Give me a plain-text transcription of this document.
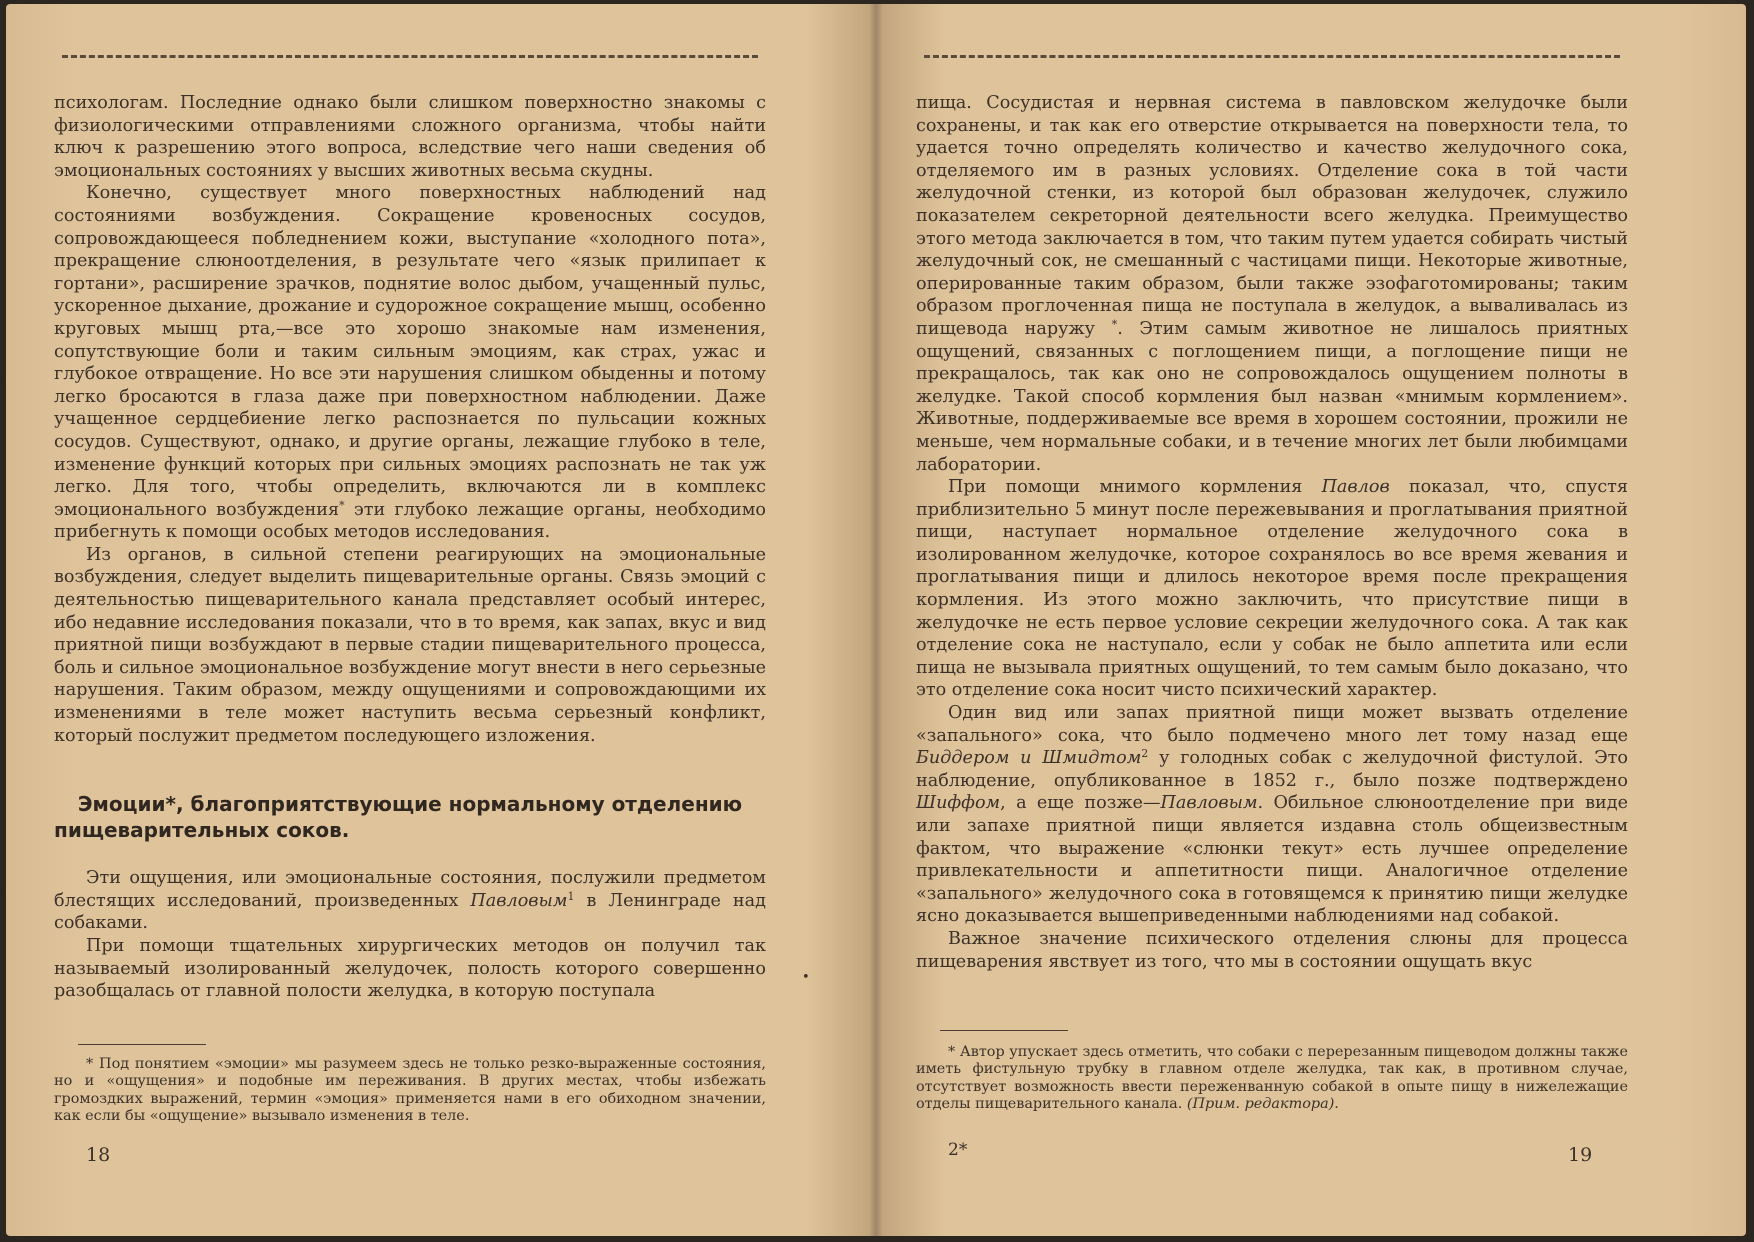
психологам. Последние однако были слишком поверхностно знакомы с физиологическими отправлениями сложного организма, чтобы найти ключ к разрешению этого вопроса, вследствие чего наши сведения об эмоциональных состояниях у высших животных весьма скудны.

Конечно, существует много поверхностных наблюдений над состояниями возбуждения. Сокращение кровеносных сосудов, сопровождающееся побледнением кожи, выступание «холодного пота», прекращение слюноотделения, в результате чего «язык прилипает к гортани», расширение зрачков, поднятие волос дыбом, учащенный пульс, ускоренное дыхание, дрожание и судорожное сокращение мышц, особенно круговых мышц рта,—все это хорошо знакомые нам изменения, сопутствующие боли и таким сильным эмоциям, как страх, ужас и глубокое отвращение. Но все эти нарушения слишком обыденны и потому легко бросаются в глаза даже при поверхностном наблюдении. Даже учащенное сердцебиение легко распознается по пульсации кожных сосудов. Существуют, однако, и другие органы, лежащие глубоко в теле, изменение функций которых при сильных эмоциях распознать не так уж легко. Для того, чтобы определить, включаются ли в комплекс эмоционального возбуждения* эти глубоко лежащие органы, необходимо прибегнуть к помощи особых методов исследования.

Из органов, в сильной степени реагирующих на эмоциональные возбуждения, следует выделить пищеварительные органы. Связь эмоций с деятельностью пищеварительного канала представляет особый интерес, ибо недавние исследования показали, что в то время, как запах, вкус и вид приятной пищи возбуждают в первые стадии пищеварительного процесса, боль и сильное эмоциональное возбуждение могут внести в него серьезные нарушения. Таким образом, между ощущениями и сопровождающими их изменениями в теле может наступить весьма серьезный конфликт, который послужит предметом последующего изложения.

Эмоции*, благоприятствующие нормальному отделению пищеварительных соков.

Эти ощущения, или эмоциональные состояния, послужили предметом блестящих исследований, произведенных Павловым$^1$ в Ленинграде над собаками.

При помощи тщательных хирургических методов он получил так называемый изолированный желудочек, полость которого совершенно разобщалась от главной полости желудка, в которую поступала

* Под понятием «эмоции» мы разумеем здесь не только резко-выраженные состояния, но и «ощущения» и подобные им переживания. В других местах, чтобы избежать громоздких выражений, термин «эмоция» применяется нами в его обиходном значении, как если бы «ощущение» вызывало изменения в теле.
18
•

пища. Сосудистая и нервная система в павловском желудочке были сохранены, и так как его отверстие открывается на поверхности тела, то удается точно определять количество и качество желудочного сока, отделяемого им в разных условиях. Отделение сока в той части желудочной стенки, из которой был образован желудочек, служило показателем секреторной деятельности всего желудка. Преимущество этого метода заключается в том, что таким путем удается собирать чистый желудочный сок, не смешанный с частицами пищи. Некоторые животные, оперированные таким образом, были также эзофаготомированы; таким образом проглоченная пища не поступала в желудок, а вываливалась из пищевода наружу *. Этим самым животное не лишалось приятных ощущений, связанных с поглощением пищи, а поглощение пищи не прекращалось, так как оно не сопровождалось ощущением полноты в желудке. Такой способ кормления был назван «мнимым кормлением». Животные, поддерживаемые все время в хорошем состоянии, прожили не меньше, чем нормальные собаки, и в течение многих лет были любимцами лаборатории.

При помощи мнимого кормления Павлов показал, что, спустя приблизительно 5 минут после пережевывания и проглатывания приятной пищи, наступает нормальное отделение желудочного сока в изолированном желудочке, которое сохранялось во все время жевания и проглатывания пищи и длилось некоторое время после прекращения кормления. Из этого можно заключить, что присутствие пищи в желудочке не есть первое условие секреции желудочного сока. А так как отделение сока не наступало, если у собак не было аппетита или если пища не вызывала приятных ощущений, то тем самым было доказано, что это отделение сока носит чисто психический характер.

Один вид или запах приятной пищи может вызвать отделение «запального» сока, что было подмечено много лет тому назад еще Биддером и Шмидтом$^2$ у голодных собак с желудочной фистулой. Это наблюдение, опубликованное в 1852 г., было позже подтверждено Шиффом, а еще позже—Павловым. Обильное слюноотделение при виде или запахе приятной пищи является издавна столь общеизвестным фактом, что выражение «слюнки текут» есть лучшее определение привлекательности и аппетитности пищи. Аналогичное отделение «запального» желудочного сока в готовящемся к принятию пищи желудке ясно доказывается вышеприведенными наблюдениями над собакой.

Важное значение психического отделения слюны для процесса пищеварения явствует из того, что мы в состоянии ощущать вкус

* Автор упускает здесь отметить, что собаки с перерезанным пищеводом должны также иметь фистульную трубку в главном отделе желудка, так как, в противном случае, отсутствует возможность ввести переженванную собакой в опыте пищу в нижележащие отделы пищеварительного канала. (Прим. редактора).
2*	19
